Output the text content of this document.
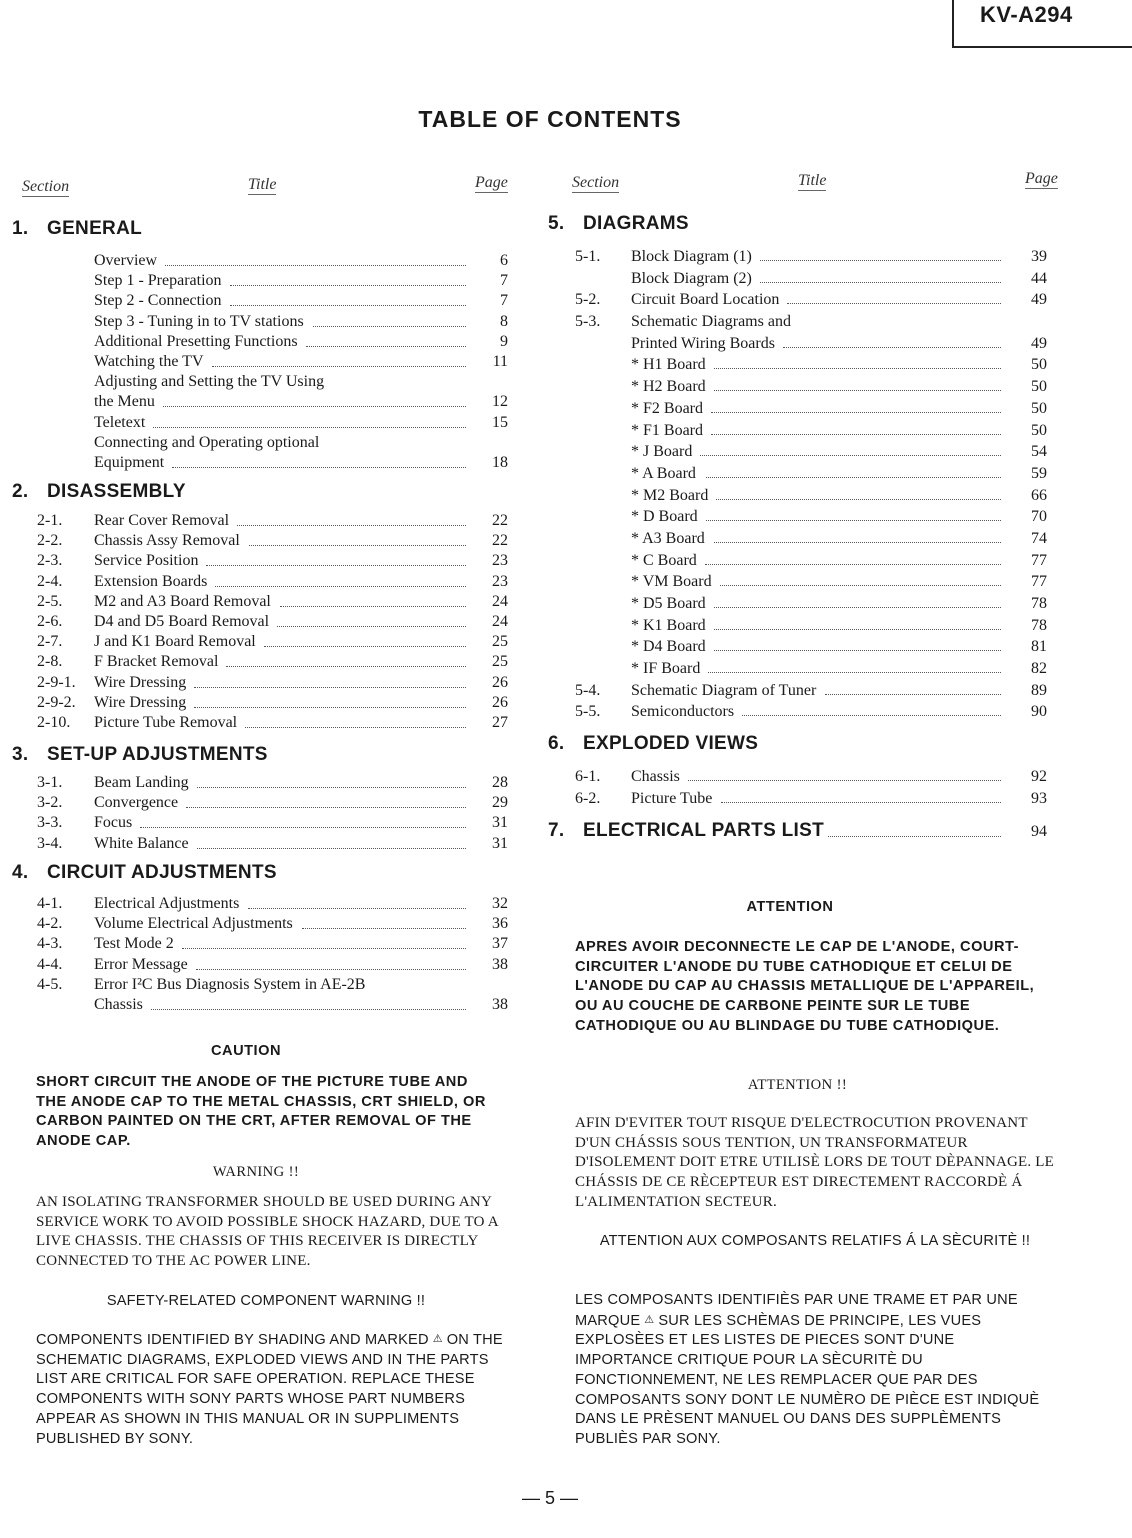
KV-A294
TABLE OF CONTENTS
Section	Title	Page	Section	Title	Page
1. GENERAL
Overview	6
Step 1 - Preparation	7
Step 2 - Connection	7
Step 3 - Tuning in to TV stations	8
Additional Presetting Functions	9
Watching the TV	11
Adjusting and Setting the TV Using
the Menu	12
Teletext	15
Connecting and Operating optional
Equipment	18
2. DISASSEMBLY
2-1. Rear Cover Removal	22
2-2. Chassis Assy Removal	22
2-3. Service Position	23
2-4. Extension Boards	23
2-5. M2 and A3 Board Removal	24
2-6. D4 and D5 Board Removal	24
2-7. J and K1 Board Removal	25
2-8. F Bracket Removal	25
2-9-1. Wire Dressing	26
2-9-2. Wire Dressing	26
2-10. Picture Tube Removal	27
3. SET-UP ADJUSTMENTS
3-1. Beam Landing	28
3-2. Convergence	29
3-3. Focus	31
3-4. White Balance	31
4. CIRCUIT ADJUSTMENTS
4-1. Electrical Adjustments	32
4-2. Volume Electrical Adjustments	36
4-3. Test Mode 2	37
4-4. Error Message	38
4-5. Error I²C Bus Diagnosis System in AE-2B
Chassis	38
5. DIAGRAMS
5-1. Block Diagram (1)	39
Block Diagram (2)	44
5-2. Circuit Board Location	49
5-3. Schematic Diagrams and
Printed Wiring Boards	49
* H1 Board	50
* H2 Board	50
* F2 Board	50
* F1 Board	50
* J Board	54
* A Board	59
* M2 Board	66
* D Board	70
* A3 Board	74
* C Board	77
* VM Board	77
* D5 Board	78
* K1 Board	78
* D4 Board	81
* IF Board	82
5-4. Schematic Diagram of Tuner	89
5-5. Semiconductors	90
6. EXPLODED VIEWS
6-1. Chassis	92
6-2. Picture Tube	93
7. ELECTRICAL PARTS LIST	94
CAUTION
SHORT CIRCUIT THE ANODE OF THE PICTURE TUBE AND THE ANODE CAP TO THE METAL CHASSIS, CRT SHIELD, OR CARBON PAINTED ON THE CRT, AFTER REMOVAL OF THE ANODE CAP.
WARNING !!
AN ISOLATING TRANSFORMER SHOULD BE USED DURING ANY SERVICE WORK TO AVOID POSSIBLE SHOCK HAZARD, DUE TO A LIVE CHASSIS. THE CHASSIS OF THIS RECEIVER IS DIRECTLY CONNECTED TO THE AC POWER LINE.
SAFETY-RELATED COMPONENT WARNING !!
COMPONENTS IDENTIFIED BY SHADING AND MARKED ⚠ ON THE SCHEMATIC DIAGRAMS, EXPLODED VIEWS AND IN THE PARTS LIST ARE CRITICAL FOR SAFE OPERATION. REPLACE THESE COMPONENTS WITH SONY PARTS WHOSE PART NUMBERS APPEAR AS SHOWN IN THIS MANUAL OR IN SUPPLIMENTS PUBLISHED BY SONY.
ATTENTION
APRES AVOIR DECONNECTE LE CAP DE L'ANODE, COURT-CIRCUITER L'ANODE DU TUBE CATHODIQUE ET CELUI DE L'ANODE DU CAP AU CHASSIS METALLIQUE DE L'APPAREIL, OU AU COUCHE DE CARBONE PEINTE SUR LE TUBE CATHODIQUE OU AU BLINDAGE DU TUBE CATHODIQUE.
ATTENTION !!
AFIN D'EVITER TOUT RISQUE D'ELECTROCUTION PROVENANT D'UN CHÁSSIS SOUS TENTION, UN TRANSFORMATEUR D'ISOLEMENT DOIT ETRE UTILISÈ LORS DE TOUT DÈPANNAGE. LE CHÁSSIS DE CE RÈCEPTEUR EST DIRECTEMENT RACCORDÈ Á L'ALIMENTATION SECTEUR.
ATTENTION AUX COMPOSANTS RELATIFS Á LA SÈCURITÈ !!
LES COMPOSANTS IDENTIFIÈS PAR UNE TRAME ET PAR UNE MARQUE ⚠ SUR LES SCHÈMAS DE PRINCIPE, LES VUES EXPLOSÈES ET LES LISTES DE PIECES SONT D'UNE IMPORTANCE CRITIQUE POUR LA SÈCURITÈ DU FONCTIONNEMENT, NE LES REMPLACER QUE PAR DES COMPOSANTS SONY DONT LE NUMÈRO DE PIÈCE EST INDIQUÈ DANS LE PRÈSENT MANUEL OU DANS DES SUPPLÈMENTS PUBLIÈS PAR SONY.
— 5 —
